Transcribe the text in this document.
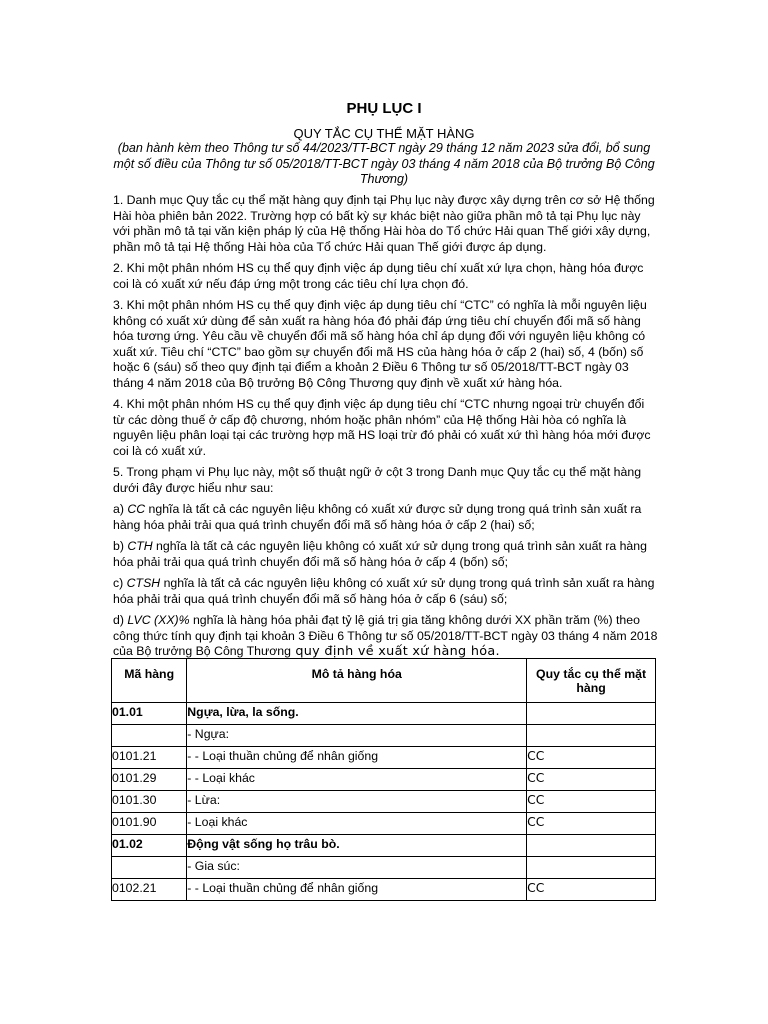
PHỤ LỤC I
QUY TẮC CỤ THỂ MẶT HÀNG
(ban hành kèm theo Thông tư số 44/2023/TT-BCT ngày 29 tháng 12 năm 2023 sửa đổi, bổ sung một số điều của Thông tư số 05/2018/TT-BCT ngày 03 tháng 4 năm 2018 của Bộ trưởng Bộ Công Thương)

1. Danh mục Quy tắc cụ thể mặt hàng quy định tại Phụ lục này được xây dựng trên cơ sở Hệ thống Hài hòa phiên bản 2022. Trường hợp có bất kỳ sự khác biệt nào giữa phần mô tả tại Phụ lục này với phần mô tả tại văn kiện pháp lý của Hệ thống Hài hòa do Tổ chức Hải quan Thế giới xây dựng, phần mô tả tại Hệ thống Hài hòa của Tổ chức Hải quan Thế giới được áp dụng.

2. Khi một phân nhóm HS cụ thể quy định việc áp dụng tiêu chí xuất xứ lựa chọn, hàng hóa được coi là có xuất xứ nếu đáp ứng một trong các tiêu chí lựa chọn đó.

3. Khi một phân nhóm HS cụ thể quy định việc áp dụng tiêu chí “CTC” có nghĩa là mỗi nguyên liệu không có xuất xứ dùng để sản xuất ra hàng hóa đó phải đáp ứng tiêu chí chuyển đổi mã số hàng hóa tương ứng. Yêu cầu về chuyển đổi mã số hàng hóa chỉ áp dụng đối với nguyên liệu không có xuất xứ. Tiêu chí “CTC” bao gồm sự chuyển đổi mã HS của hàng hóa ở cấp 2 (hai) số, 4 (bốn) số hoặc 6 (sáu) số theo quy định tại điểm a khoản 2 Điều 6 Thông tư số 05/2018/TT-BCT ngày 03 tháng 4 năm 2018 của Bộ trưởng Bộ Công Thương quy định về xuất xứ hàng hóa.

4. Khi một phân nhóm HS cụ thể quy định việc áp dụng tiêu chí “CTC nhưng ngoại trừ chuyển đổi từ các dòng thuế ở cấp độ chương, nhóm hoặc phân nhóm” của Hệ thống Hài hòa có nghĩa là nguyên liệu phân loại tại các trường hợp mã HS loại trừ đó phải có xuất xứ thì hàng hóa mới được coi là có xuất xứ.

5. Trong phạm vi Phụ lục này, một số thuật ngữ ở cột 3 trong Danh mục Quy tắc cụ thể mặt hàng dưới đây được hiểu như sau:

a) CC nghĩa là tất cả các nguyên liệu không có xuất xứ được sử dụng trong quá trình sản xuất ra hàng hóa phải trải qua quá trình chuyển đổi mã số hàng hóa ở cấp 2 (hai) số;

b) CTH nghĩa là tất cả các nguyên liệu không có xuất xứ sử dụng trong quá trình sản xuất ra hàng hóa phải trải qua quá trình chuyển đổi mã số hàng hóa ở cấp 4 (bốn) số;

c) CTSH nghĩa là tất cả các nguyên liệu không có xuất xứ sử dụng trong quá trình sản xuất ra hàng hóa phải trải qua quá trình chuyển đổi mã số hàng hóa ở cấp 6 (sáu) số;

d) LVC (XX)% nghĩa là hàng hóa phải đạt tỷ lệ giá trị gia tăng không dưới XX phần trăm (%) theo công thức tính quy định tại khoản 3 Điều 6 Thông tư số 05/2018/TT-BCT ngày 03 tháng 4 năm 2018 của Bộ trưởng Bộ Công Thương quy định về xuất xứ hàng hóa.

Mã hàng	Mô tả hàng hóa	Quy tắc cụ thể mặt hàng
01.01	Ngựa, lừa, la sống.	
	- Ngựa:	
0101.21	- - Loại thuần chủng để nhân giống	CC
0101.29	- - Loại khác	CC
0101.30	- Lừa:	CC
0101.90	- Loại khác	CC
01.02	Động vật sống họ trâu bò.	
	- Gia súc:	
0102.21	- - Loại thuần chủng để nhân giống	CC
